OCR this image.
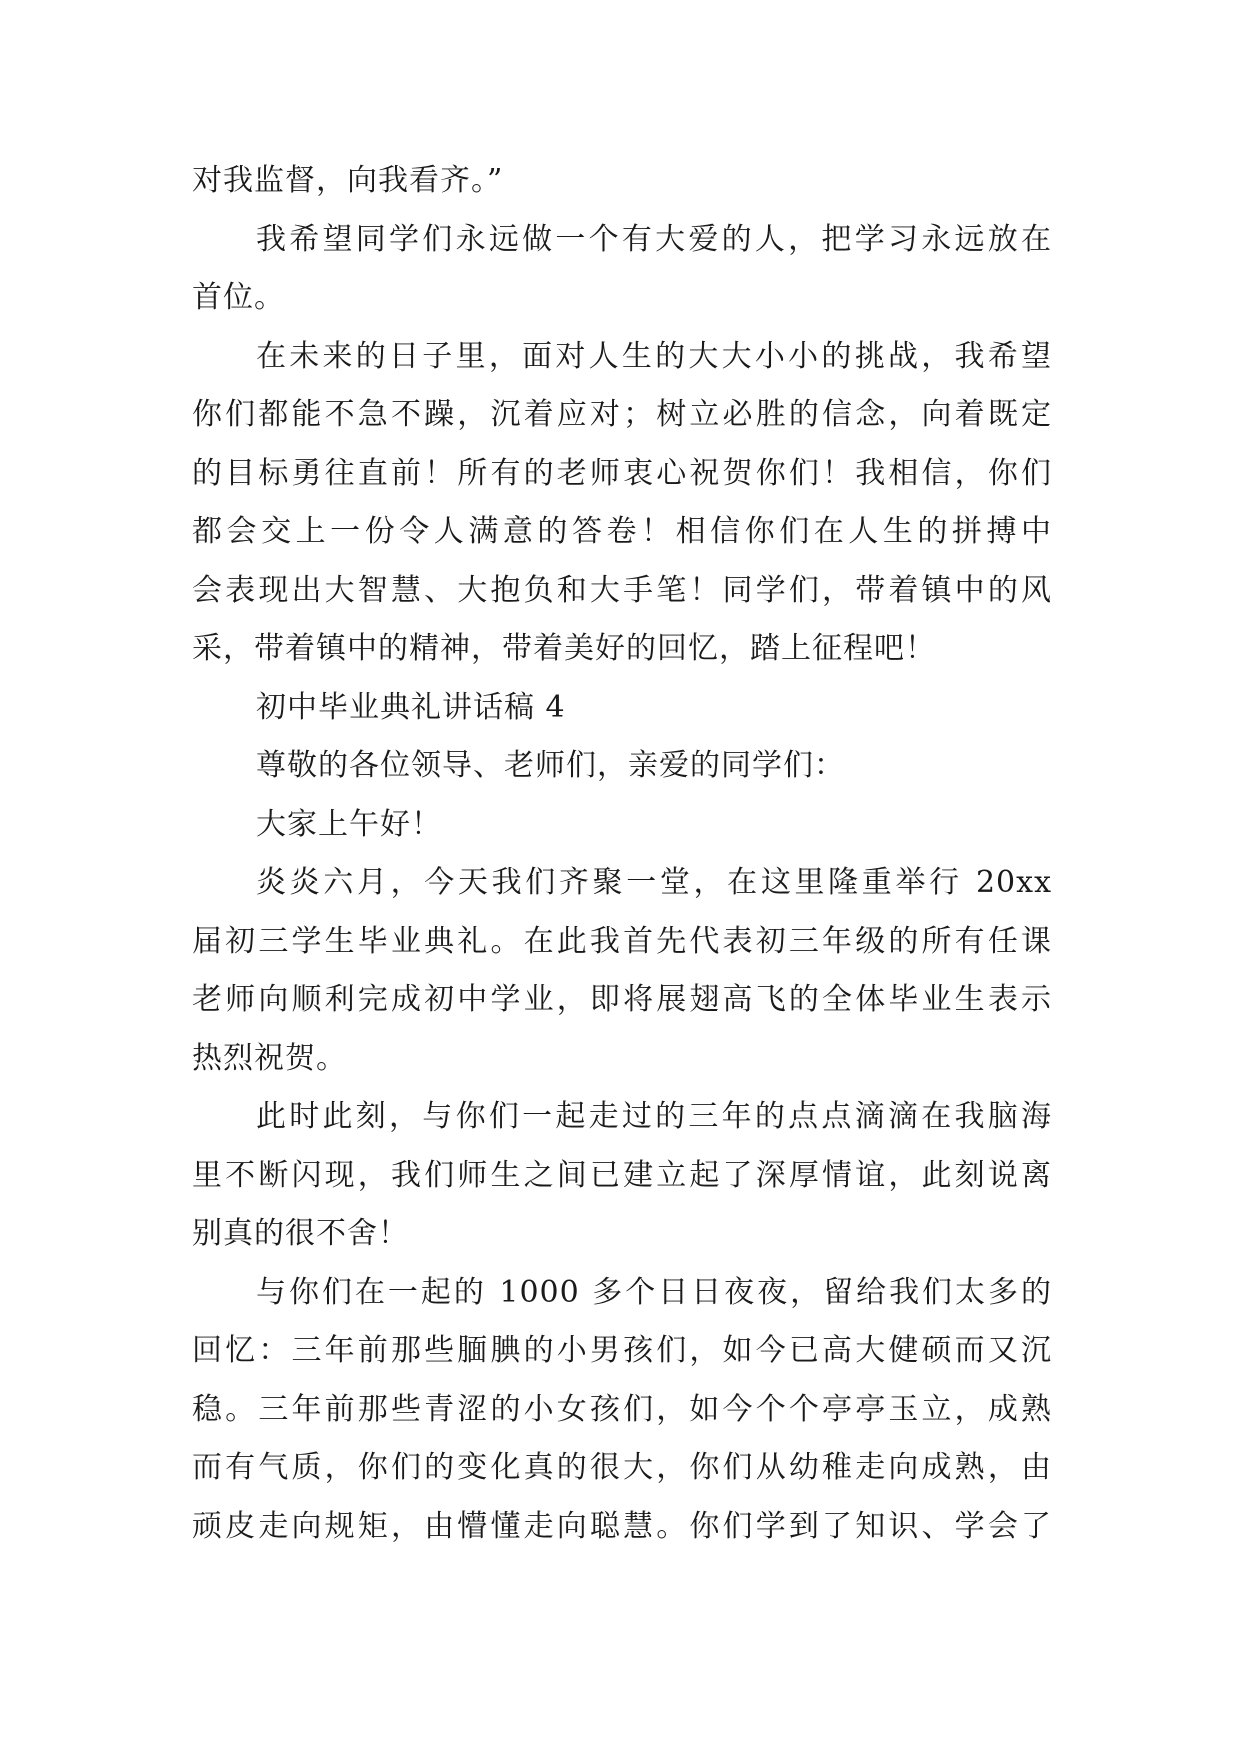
对我监督，向我看齐。”

我希望同学们永远做一个有大爱的人，把学习永远放在
首位。

在未来的日子里，面对人生的大大小小的挑战，我希望
你们都能不急不躁，沉着应对；树立必胜的信念，向着既定
的目标勇往直前！所有的老师衷心祝贺你们！我相信，你们
都会交上一份令人满意的答卷！相信你们在人生的拼搏中
会表现出大智慧、大抱负和大手笔！同学们，带着镇中的风
采，带着镇中的精神，带着美好的回忆，踏上征程吧！

初中毕业典礼讲话稿 4

尊敬的各位领导、老师们，亲爱的同学们：

大家上午好！

炎炎六月，今天我们齐聚一堂，在这里隆重举行 20xx
届初三学生毕业典礼。在此我首先代表初三年级的所有任课
老师向顺利完成初中学业，即将展翅高飞的全体毕业生表示
热烈祝贺。

此时此刻，与你们一起走过的三年的点点滴滴在我脑海
里不断闪现，我们师生之间已建立起了深厚情谊，此刻说离
别真的很不舍！

与你们在一起的 1000 多个日日夜夜，留给我们太多的
回忆：三年前那些腼腆的小男孩们，如今已高大健硕而又沉
稳。三年前那些青涩的小女孩们，如今个个亭亭玉立，成熟
而有气质，你们的变化真的很大，你们从幼稚走向成熟，由
顽皮走向规矩，由懵懂走向聪慧。你们学到了知识、学会了
